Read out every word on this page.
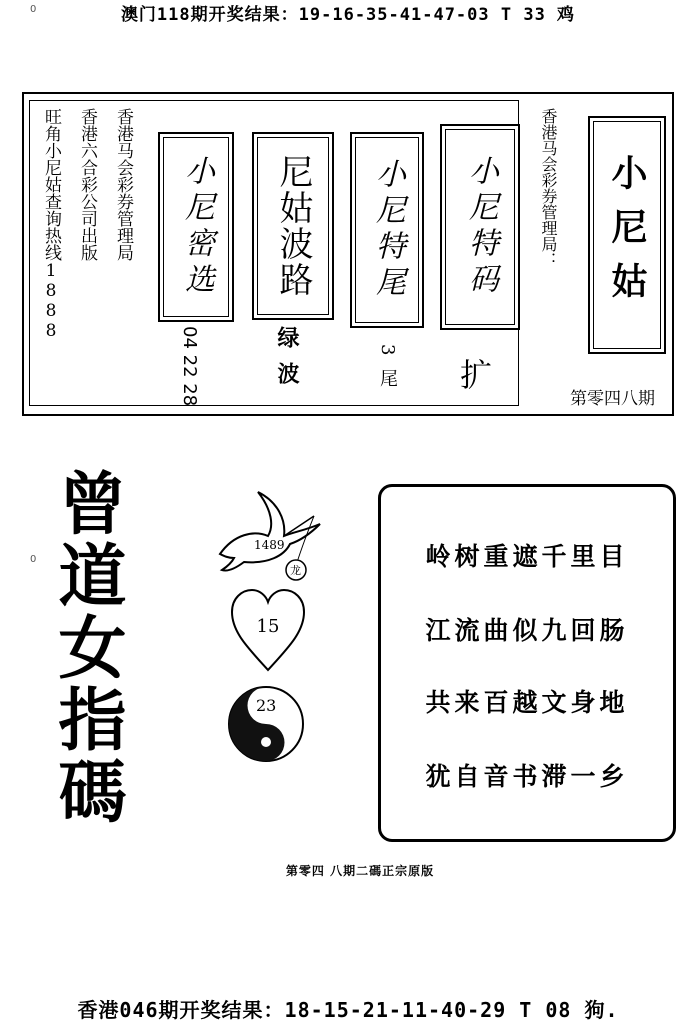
0	澳门118期开奖结果：19-16-35-41-47-03 T 33 鸡
旺角小尼姑查询热线1888 香港六合彩公司出版 香港马会彩券管理局 小尼密选
04 22 28
尼姑波路
绿波
小尼特尾
3 尾
小尼特码
扩
香港马会彩券管理局： 小尼姑
第零四八期
0 曾道女指碼	1489
龙
15
23
岭树重遮千里目
江流曲似九回肠
共来百越文身地
犹自音书滞一乡
第零四 八期二碼正宗原版
香港046期开奖结果：18-15-21-11-40-29 T 08 狗.
